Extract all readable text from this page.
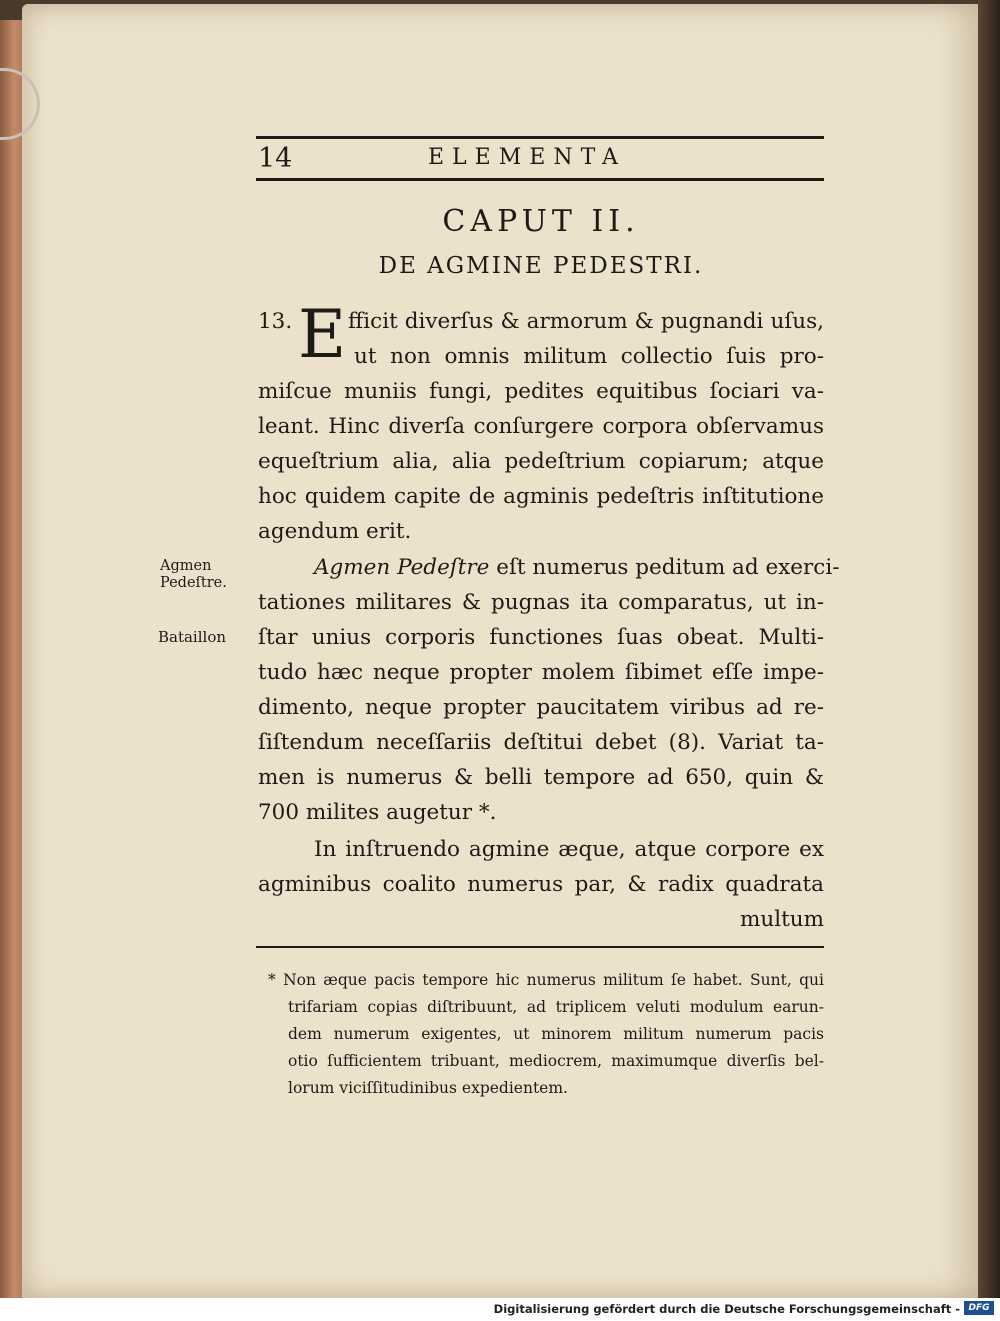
14	ELEMENTA
CAPUT II.
DE AGMINE PEDESTRI.
13. E fficit diverſus & armorum & pugnandi uſus,
ut non omnis militum collectio ſuis pro-
miſcue muniis fungi, pedites equitibus ſociari va-
leant. Hinc diverſa conſurgere corpora obſervamus
equeſtrium alia, alia pedeſtrium copiarum; atque
hoc quidem capite de agminis pedeſtris inſtitutione
agendum erit.
Agmen
Pedeſtre.
Bataillon
Agmen Pedeſtre eſt numerus peditum ad exerci-
tationes militares & pugnas ita comparatus, ut in-
ſtar unius corporis functiones ſuas obeat. Multi-
tudo hæc neque propter molem ſibimet eſſe impe-
dimento, neque propter paucitatem viribus ad re-
ſiſtendum neceſſariis deſtitui debet (8). Variat ta-
men is numerus & belli tempore ad 650, quin &
700 milites augetur *.
In inſtruendo agmine æque, atque corpore ex
agminibus coalito numerus par, & radix quadrata
multum
* Non æque pacis tempore hic numerus militum ſe habet. Sunt, qui
trifariam copias diſtribuunt, ad triplicem veluti modulum earun-
dem numerum exigentes, ut minorem militum numerum pacis
otio ſufficientem tribuant, mediocrem, maximumque diverſis bel-
lorum viciſſitudinibus expedientem.
Digitalisierung gefördert durch die Deutsche Forschungsgemeinschaft - DFG
